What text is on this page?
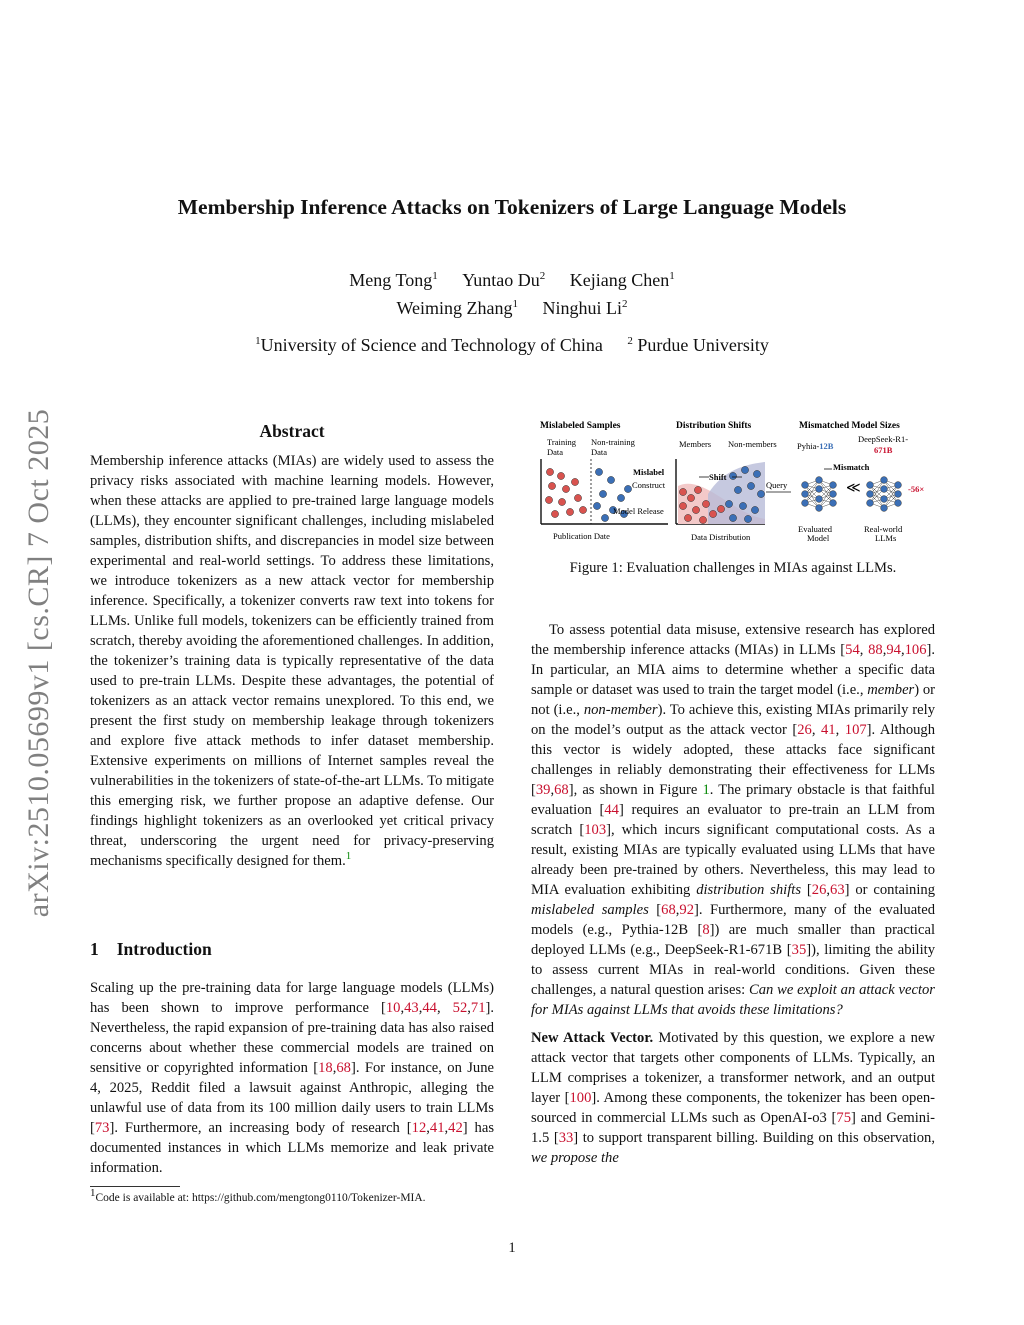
arXiv:2510.05699v1 [cs.CR] 7 Oct 2025
Membership Inference Attacks on Tokenizers of Large Language Models
Meng Tong$^1$ Yuntao Du$^2$ Kejiang Chen$^1$
Weiming Zhang$^1$ Ninghui Li$^2$
$^1$University of Science and Technology of China $^2$ Purdue University
Abstract

Membership inference attacks (MIAs) are widely used to assess the privacy risks associated with machine learning models. However, when these attacks are applied to pre-trained large language models (LLMs), they encounter significant challenges, including mislabeled samples, distribution shifts, and discrepancies in model size between experimental and real-world settings. To address these limitations, we introduce tokenizers as a new attack vector for membership inference. Specifically, a tokenizer converts raw text into tokens for LLMs. Unlike full models, tokenizers can be efficiently trained from scratch, thereby avoiding the aforementioned challenges. In addition, the tokenizer’s training data is typically representative of the data used to pre-train LLMs. Despite these advantages, the potential of tokenizers as an attack vector remains unexplored. To this end, we present the first study on membership leakage through tokenizers and explore five attack methods to infer dataset membership. Extensive experiments on millions of Internet samples reveal the vulnerabilities in the tokenizers of state-of-the-art LLMs. To mitigate this emerging risk, we further propose an adaptive defense. Our findings highlight tokenizers as an overlooked yet critical privacy threat, underscoring the urgent need for privacy-preserving mechanisms specifically designed for them.$^1$

1 Introduction

Scaling up the pre-training data for large language models (LLMs) has been shown to improve performance [10,43,44, 52,71]. Nevertheless, the rapid expansion of pre-training data has also raised concerns about whether these commercial models are trained on sensitive or copyrighted information [18,68]. For instance, on June 4, 2025, Reddit filed a lawsuit against Anthropic, alleging the unlawful use of data from its 100 million daily users to train LLMs [73]. Furthermore, an increasing body of research [12,41,42] has documented instances in which LLMs memorize and leak private information.

$^1$Code is available at: https://github.com/mengtong0110/Tokenizer-MIA.
Mislabeled Samples
Training
Data
Non-training
Data
Mislabel
Construct
Model Release
Publication Date
Distribution Shifts
Members Non-members
Shift
Data Distribution
Query
Mismatched Model Sizes
Pyhia-12B
DeepSeek-R1-
671B
Mismatch
≪	-56×
Evaluated
Model
Real-world
LLMs
Figure 1: Evaluation challenges in MIAs against LLMs.

To assess potential data misuse, extensive research has explored the membership inference attacks (MIAs) in LLMs [54, 88,94,106]. In particular, an MIA aims to determine whether a specific data sample or dataset was used to train the target model (i.e., member) or not (i.e., non-member). To achieve this, existing MIAs primarily rely on the model’s output as the attack vector [26, 41, 107]. Although this vector is widely adopted, these attacks face significant challenges in reliably demonstrating their effectiveness for LLMs [39,68], as shown in Figure 1. The primary obstacle is that faithful evaluation [44] requires an evaluator to pre-train an LLM from scratch [103], which incurs significant computational costs. As a result, existing MIAs are typically evaluated using LLMs that have already been pre-trained by others. Nevertheless, this may lead to MIA evaluation exhibiting distribution shifts [26,63] or containing mislabeled samples [68,92]. Furthermore, many of the evaluated models (e.g., Pythia-12B [8]) are much smaller than practical deployed LLMs (e.g., DeepSeek-R1-671B [35]), limiting the ability to assess current MIAs in real-world conditions. Given these challenges, a natural question arises: Can we exploit an attack vector for MIAs against LLMs that avoids these limitations?

New Attack Vector. Motivated by this question, we explore a new attack vector that targets other components of LLMs. Typically, an LLM comprises a tokenizer, a transformer network, and an output layer [100]. Among these components, the tokenizer has been open-sourced in commercial LLMs such as OpenAI-o3 [75] and Gemini-1.5 [33] to support transparent billing. Building on this observation, we propose the

1
